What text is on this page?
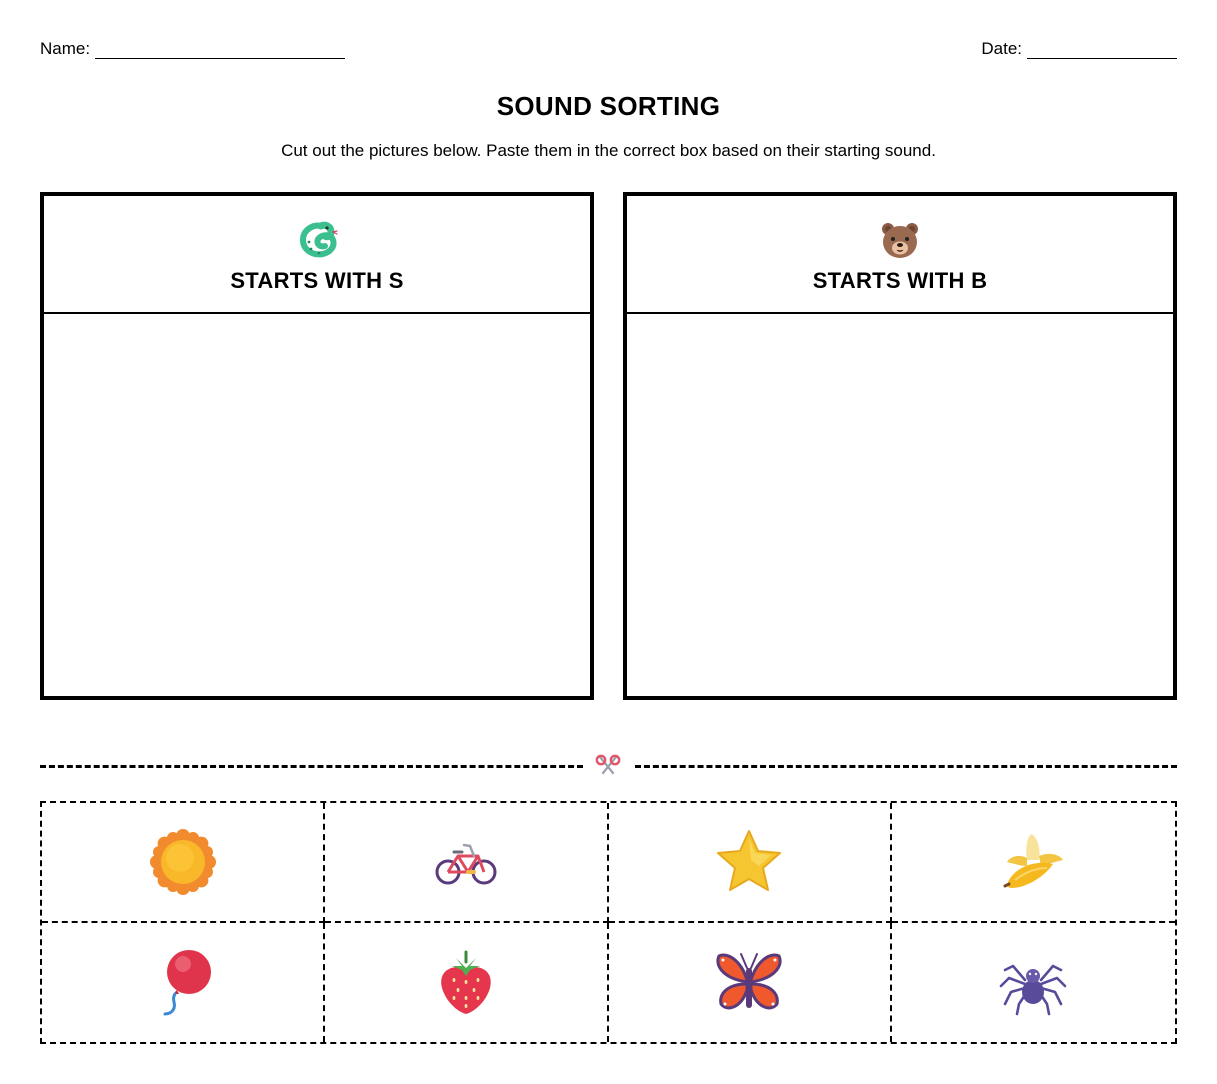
Name:	Date:
SOUND SORTING
Cut out the pictures below. Paste them in the correct box based on their starting sound.
STARTS WITH S	STARTS WITH B
